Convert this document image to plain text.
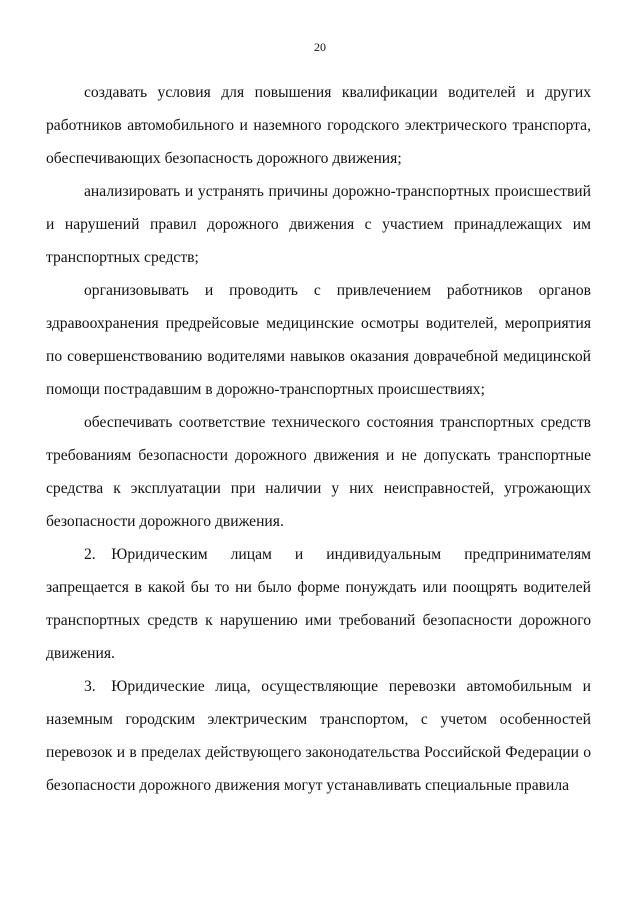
20

создавать условия для повышения квалификации водителей и других работников автомобильного и наземного городского электрического транспорта, обеспечивающих безопасность дорожного движения;

анализировать и устранять причины дорожно-транспортных происшествий и нарушений правил дорожного движения с участием принадлежащих им транспортных средств;

организовывать и проводить с привлечением работников органов здравоохранения предрейсовые медицинские осмотры водителей, мероприятия по совершенствованию водителями навыков оказания доврачебной медицинской помощи пострадавшим в дорожно-транспортных происшествиях;

обеспечивать соответствие технического состояния транспортных средств требованиям безопасности дорожного движения и не допускать транспортные средства к эксплуатации при наличии у них неисправностей, угрожающих безопасности дорожного движения.

2. Юридическим лицам и индивидуальным предпринимателям запрещается в какой бы то ни было форме понуждать или поощрять водителей транспортных средств к нарушению ими требований безопасности дорожного движения.

3. Юридические лица, осуществляющие перевозки автомобильным и наземным городским электрическим транспортом, с учетом особенностей перевозок и в пределах действующего законодательства Российской Федерации о безопасности дорожного движения могут устанавливать специальные правила
